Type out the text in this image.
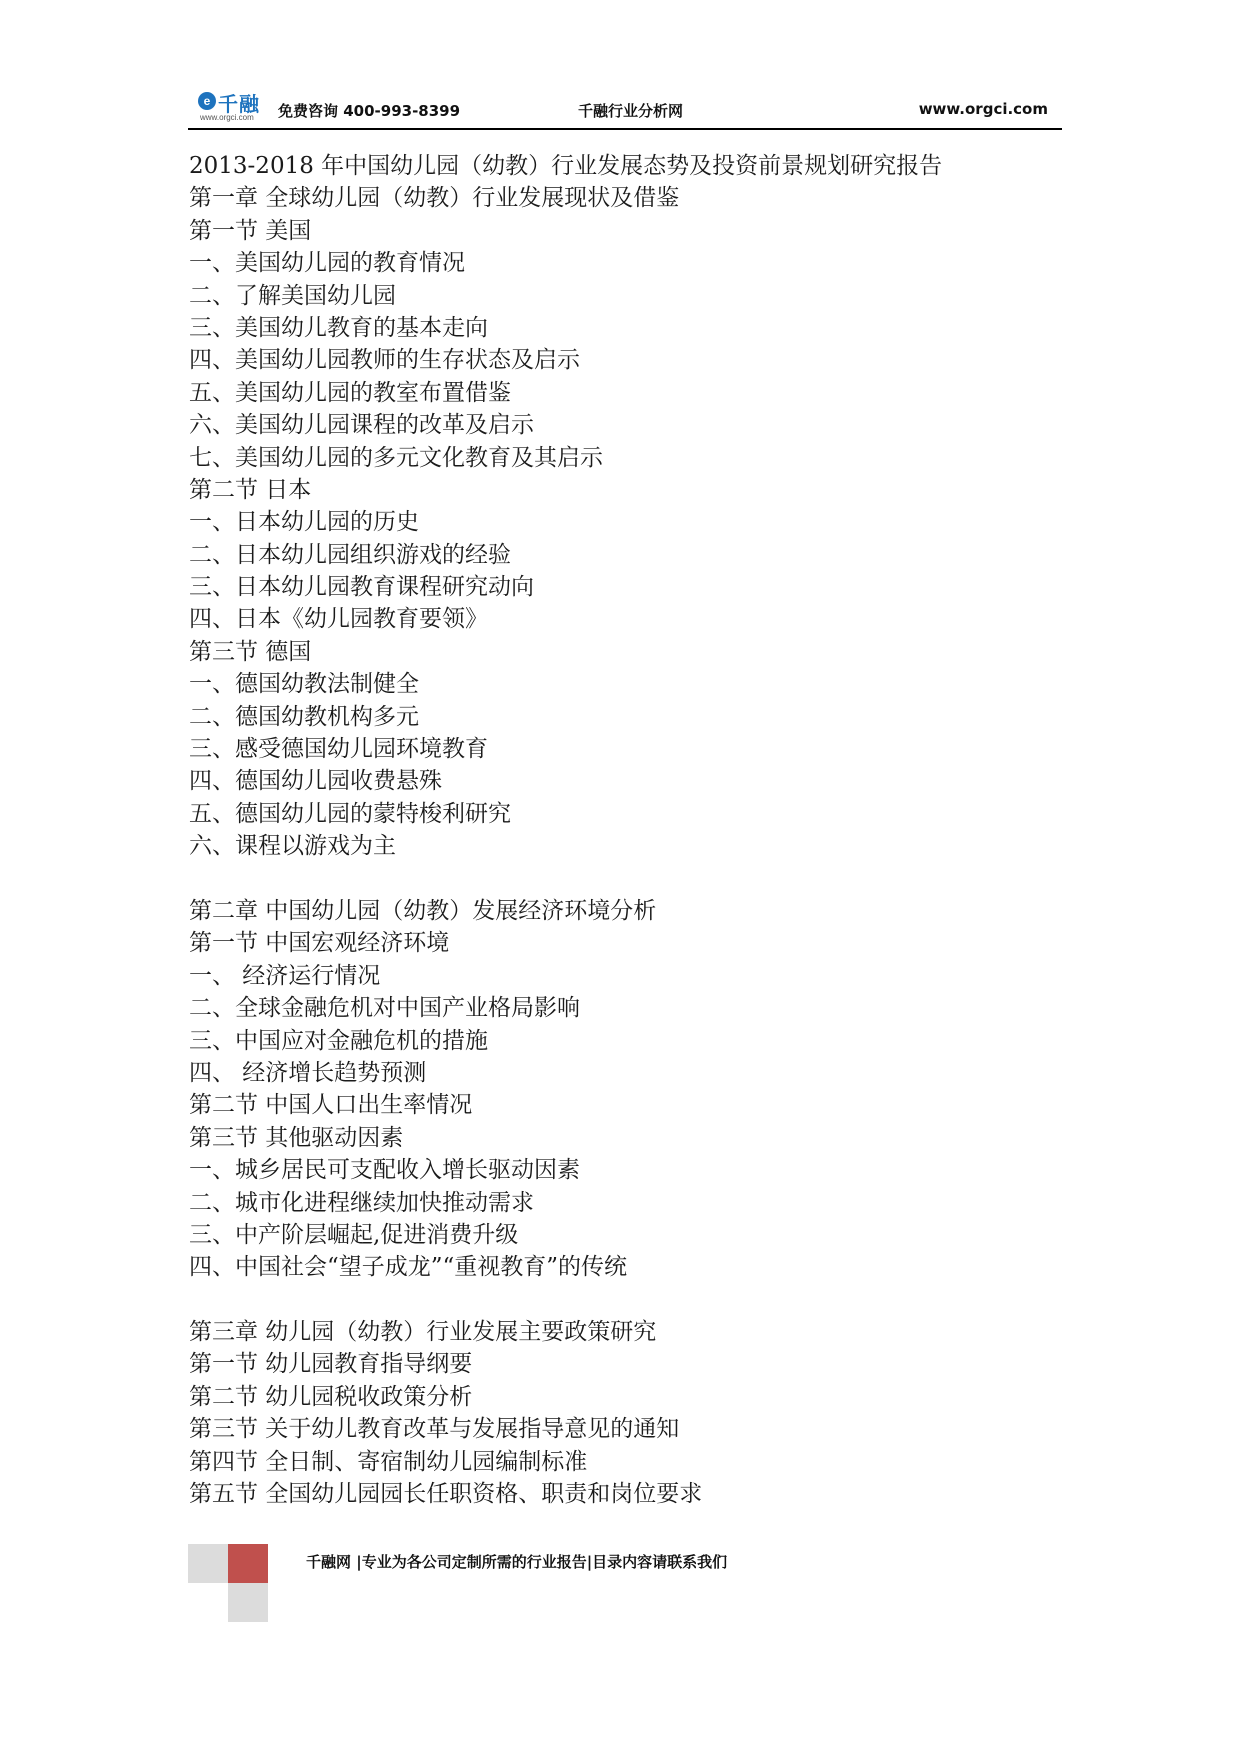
e 千融
www.orgci.com 免费咨询 400-993-8399	千融行业分析网	www.orgci.com
2013-2018 年中国幼儿园（幼教）行业发展态势及投资前景规划研究报告
第一章 全球幼儿园（幼教）行业发展现状及借鉴
第一节 美国
一、美国幼儿园的教育情况
二、了解美国幼儿园
三、美国幼儿教育的基本走向
四、美国幼儿园教师的生存状态及启示
五、美国幼儿园的教室布置借鉴
六、美国幼儿园课程的改革及启示
七、美国幼儿园的多元文化教育及其启示
第二节 日本
一、日本幼儿园的历史
二、日本幼儿园组织游戏的经验
三、日本幼儿园教育课程研究动向
四、日本《幼儿园教育要领》
第三节 德国
一、德国幼教法制健全
二、德国幼教机构多元
三、感受德国幼儿园环境教育
四、德国幼儿园收费悬殊
五、德国幼儿园的蒙特梭利研究
六、课程以游戏为主
第二章 中国幼儿园（幼教）发展经济环境分析
第一节 中国宏观经济环境
一、 经济运行情况
二、全球金融危机对中国产业格局影响
三、中国应对金融危机的措施
四、 经济增长趋势预测
第二节 中国人口出生率情况
第三节 其他驱动因素
一、城乡居民可支配收入增长驱动因素
二、城市化进程继续加快推动需求
三、中产阶层崛起,促进消费升级
四、中国社会“望子成龙”“重视教育”的传统
第三章 幼儿园（幼教）行业发展主要政策研究
第一节 幼儿园教育指导纲要
第二节 幼儿园税收政策分析
第三节 关于幼儿教育改革与发展指导意见的通知
第四节 全日制、寄宿制幼儿园编制标准
第五节 全国幼儿园园长任职资格、职责和岗位要求
千融网 |专业为各公司定制所需的行业报告|目录内容请联系我们
